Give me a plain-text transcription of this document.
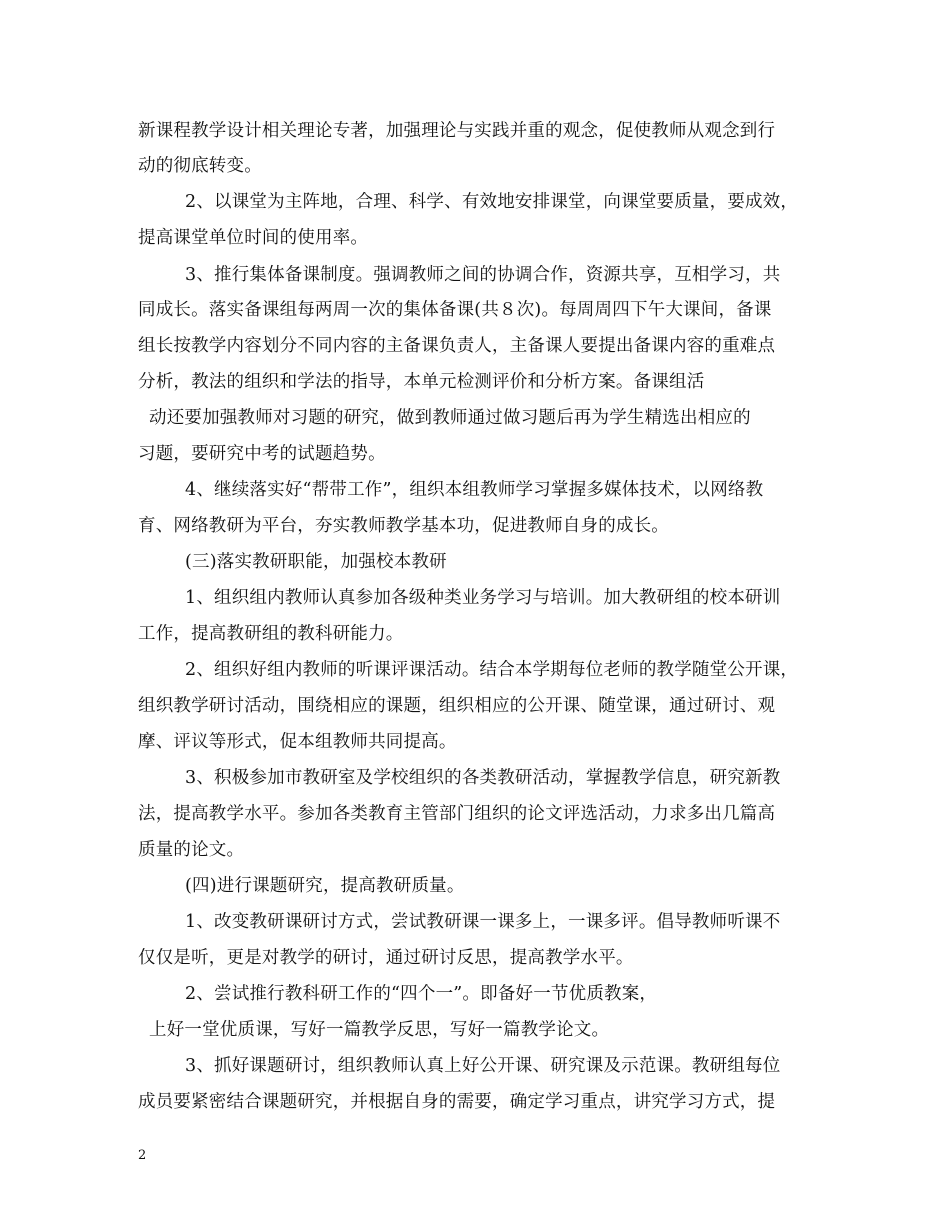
新课程教学设计相关理论专著，加强理论与实践并重的观念，促使教师从观念到行
动的彻底转变。
2、以课堂为主阵地，合理、科学、有效地安排课堂，向课堂要质量，要成效，
提高课堂单位时间的使用率。
3、推行集体备课制度。强调教师之间的协调合作，资源共享，互相学习，共
同成长。落实备课组每两周一次的集体备课(共８次)。每周周四下午大课间，备课
组长按教学内容划分不同内容的主备课负责人，主备课人要提出备课内容的重难点
分析，教法的组织和学法的指导，本单元检测评价和分析方案。备课组活
动还要加强教师对习题的研究，做到教师通过做习题后再为学生精选出相应的
习题，要研究中考的试题趋势。
4、继续落实好“帮带工作”，组织本组教师学习掌握多媒体技术，以网络教
育、网络教研为平台，夯实教师教学基本功，促进教师自身的成长。
(三)落实教研职能，加强校本教研
1、组织组内教师认真参加各级种类业务学习与培训。加大教研组的校本研训
工作，提高教研组的教科研能力。
2、组织好组内教师的听课评课活动。结合本学期每位老师的教学随堂公开课，
组织教学研讨活动，围绕相应的课题，组织相应的公开课、随堂课，通过研讨、观
摩、评议等形式，促本组教师共同提高。
3、积极参加市教研室及学校组织的各类教研活动，掌握教学信息，研究新教
法，提高教学水平。参加各类教育主管部门组织的论文评选活动，力求多出几篇高
质量的论文。
(四)进行课题研究，提高教研质量。
1、改变教研课研讨方式，尝试教研课一课多上，一课多评。倡导教师听课不
仅仅是听，更是对教学的研讨，通过研讨反思，提高教学水平。
2、尝试推行教科研工作的“四个一”。即备好一节优质教案，
上好一堂优质课，写好一篇教学反思，写好一篇教学论文。
3、抓好课题研讨，组织教师认真上好公开课、研究课及示范课。教研组每位
成员要紧密结合课题研究，并根据自身的需要，确定学习重点，讲究学习方式，提
2
